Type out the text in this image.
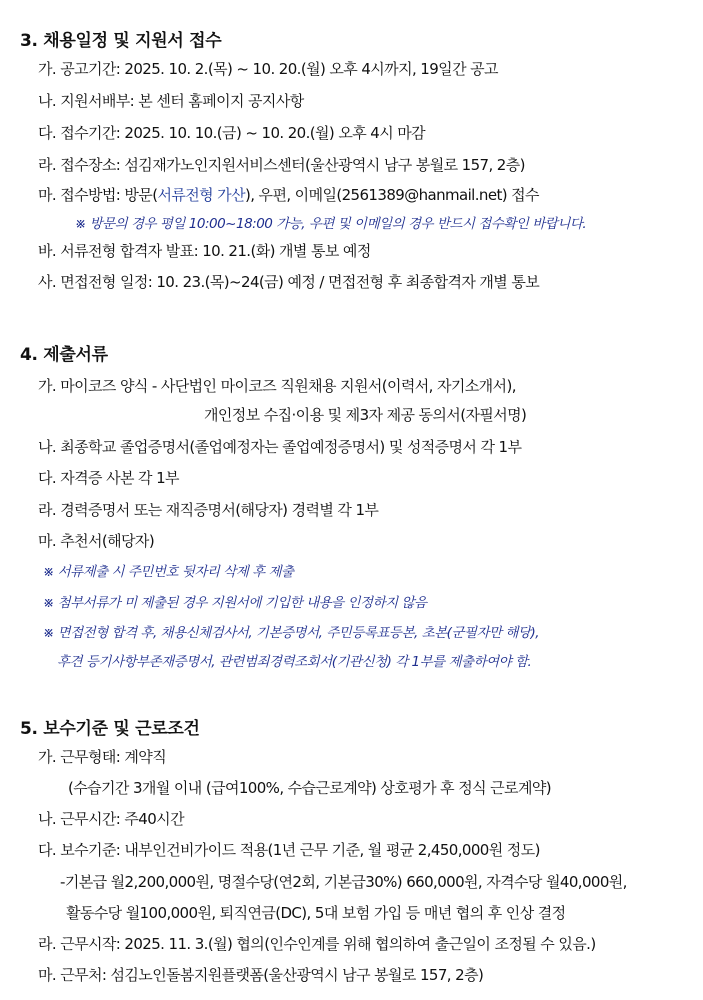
3. 채용일정 및 지원서 접수
가. 공고기간: 2025. 10. 2.(목) ~ 10. 20.(월) 오후 4시까지, 19일간 공고
나. 지원서배부: 본 센터 홈페이지 공지사항
다. 접수기간: 2025. 10. 10.(금) ~ 10. 20.(월) 오후 4시 마감
라. 접수장소: 섬김재가노인지원서비스센터(울산광역시 남구 봉월로 157, 2층)
마. 접수방법: 방문(서류전형 가산), 우편, 이메일(2561389@hanmail.net) 접수
※ 방문의 경우 평일 10:00~18:00 가능, 우편 및 이메일의 경우 반드시 접수확인 바랍니다.
바. 서류전형 합격자 발표: 10. 21.(화) 개별 통보 예정
사. 면접전형 일정: 10. 23.(목)~24(금) 예정 / 면접전형 후 최종합격자 개별 통보
4. 제출서류
가. 마이코즈 양식 - 사단법인 마이코즈 직원채용 지원서(이력서, 자기소개서),
개인정보 수집·이용 및 제3자 제공 동의서(자필서명)
나. 최종학교 졸업증명서(졸업예정자는 졸업예정증명서) 및 성적증명서 각 1부
다. 자격증 사본 각 1부
라. 경력증명서 또는 재직증명서(해당자) 경력별 각 1부
마. 추천서(해당자)
※ 서류제출 시 주민번호 뒷자리 삭제 후 제출
※ 첨부서류가 미 제출된 경우 지원서에 기입한 내용을 인정하지 않음
※ 면접전형 합격 후, 채용신체검사서, 기본증명서, 주민등록표등본, 초본(군필자만 해당),
후견 등기사항부존재증명서, 관련범죄경력조회서(기관신청) 각 1부를 제출하여야 함.
5. 보수기준 및 근로조건
가. 근무형태: 계약직
(수습기간 3개월 이내 (급여100%, 수습근로계약) 상호평가 후 정식 근로계약)
나. 근무시간: 주40시간
다. 보수기준: 내부인건비가이드 적용(1년 근무 기준, 월 평균 2,450,000원 정도)
-기본급 월2,200,000원, 명절수당(연2회, 기본급30%) 660,000원, 자격수당 월40,000원,
활동수당 월100,000원, 퇴직연금(DC), 5대 보험 가입 등 매년 협의 후 인상 결정
라. 근무시작: 2025. 11. 3.(월) 협의(인수인계를 위해 협의하여 출근일이 조정될 수 있음.)
마. 근무처: 섬김노인돌봄지원플랫폼(울산광역시 남구 봉월로 157, 2층)
